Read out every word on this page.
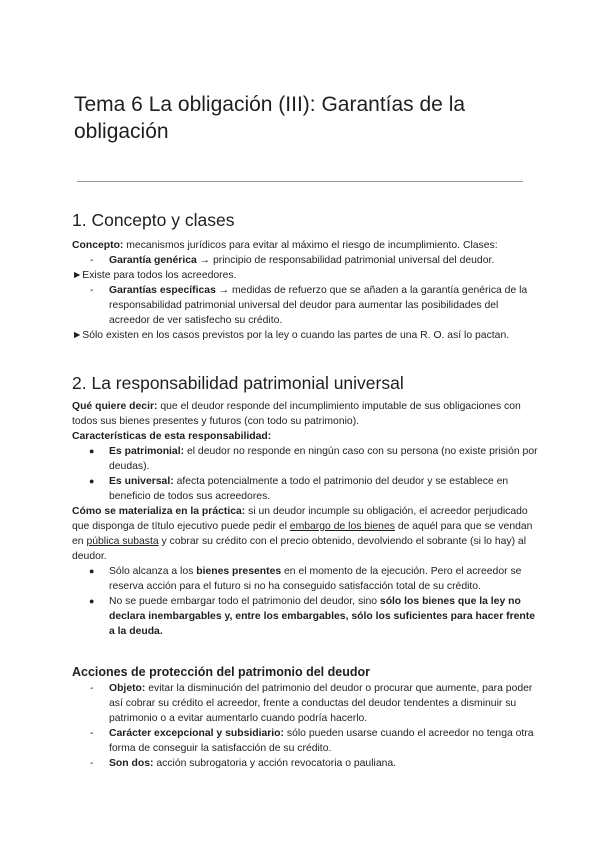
Tema 6 La obligación (III): Garantías de la obligación
1. Concepto y clases

Concepto: mecanismos jurídicos para evitar al máximo el riesgo de incumplimiento. Clases:

- Garantía genérica → principio de responsabilidad patrimonial universal del deudor.

►Existe para todos los acreedores.

- Garantías específicas → medidas de refuerzo que se añaden a la garantía genérica de la responsabilidad patrimonial universal del deudor para aumentar las posibilidades del acreedor de ver satisfecho su crédito.

►Sólo existen en los casos previstos por la ley o cuando las partes de una R. O. así lo pactan.

2. La responsabilidad patrimonial universal

Qué quiere decir: que el deudor responde del incumplimiento imputable de sus obligaciones con todos sus bienes presentes y futuros (con todo su patrimonio).

Características de esta responsabilidad:

● Es patrimonial: el deudor no responde en ningún caso con su persona (no existe prisión por deudas).
● Es universal: afecta potencialmente a todo el patrimonio del deudor y se establece en beneficio de todos sus acreedores.

Cómo se materializa en la práctica: si un deudor incumple su obligación, el acreedor perjudicado que disponga de título ejecutivo puede pedir el embargo de los bienes de aquél para que se vendan en pública subasta y cobrar su crédito con el precio obtenido, devolviendo el sobrante (si lo hay) al deudor.

● Sólo alcanza a los bienes presentes en el momento de la ejecución. Pero el acreedor se reserva acción para el futuro si no ha conseguido satisfacción total de su crédito.
● No se puede embargar todo el patrimonio del deudor, sino sólo los bienes que la ley no declara inembargables y, entre los embargables, sólo los suficientes para hacer frente a la deuda.
Acciones de protección del patrimonio del deudor
- Objeto: evitar la disminución del patrimonio del deudor o procurar que aumente, para poder así cobrar su crédito el acreedor, frente a conductas del deudor tendentes a disminuir su patrimonio o a evitar aumentarlo cuando podría hacerlo.
- Carácter excepcional y subsidiario: sólo pueden usarse cuando el acreedor no tenga otra forma de conseguir la satisfacción de su crédito.
- Son dos: acción subrogatoria y acción revocatoria o pauliana.
